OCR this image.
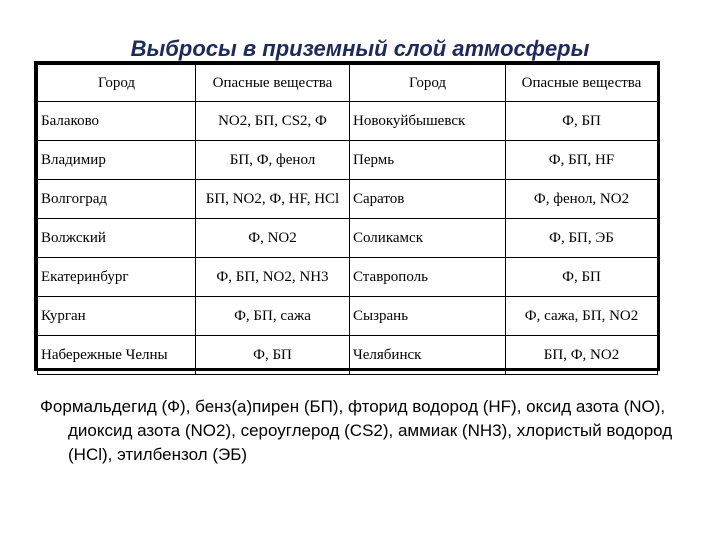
Выбросы в приземный слой атмосферы
Город	Опасные вещества	Город	Опасные вещества
Балаково	NO2, БП, CS2, Ф	Новокуйбышевск	Ф, БП
Владимир	БП, Ф, фенол	Пермь	Ф, БП, HF
Волгоград	БП, NO2, Ф, HF, HCl	Саратов	Ф, фенол, NO2
Волжский	Ф, NO2	Соликамск	Ф, БП, ЭБ
Екатеринбург	Ф, БП, NO2, NH3	Ставрополь	Ф, БП
Курган	Ф, БП, сажа	Сызрань	Ф, сажа, БП, NO2
Набережные Челны	Ф, БП	Челябинск	БП, Ф, NO2
Формальдегид (Ф), бенз(а)пирен (БП), фторид водород (HF), оксид азота (NO), диоксид азота (NO2), сероуглерод (CS2), аммиак (NH3), хлористый водород (HCl), этилбензол (ЭБ)
